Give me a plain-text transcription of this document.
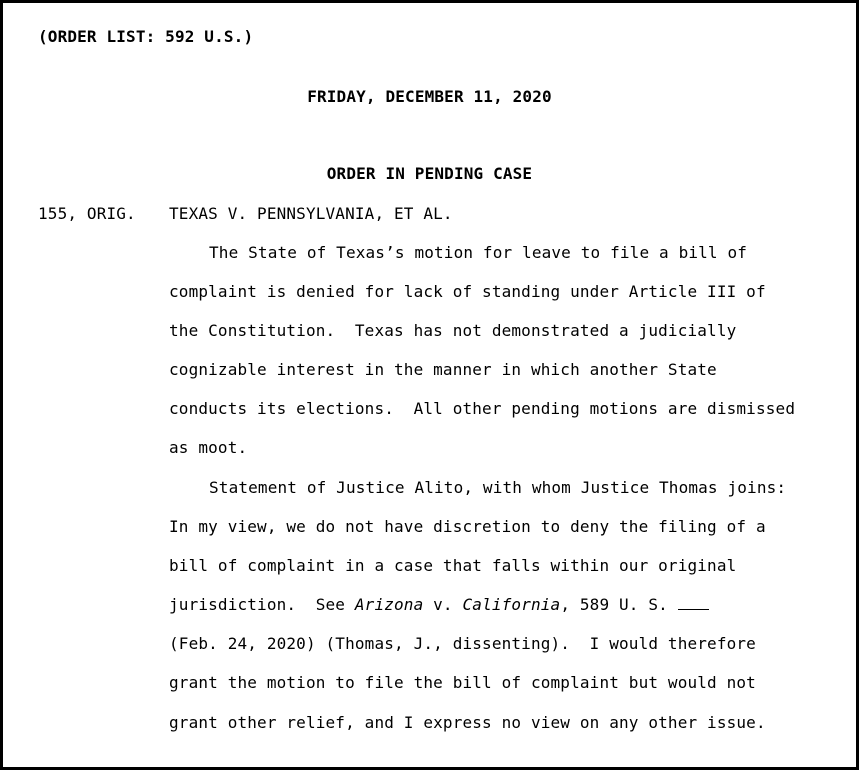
(ORDER LIST: 592 U.S.)
FRIDAY, DECEMBER 11, 2020
ORDER IN PENDING CASE
155, ORIG. TEXAS V. PENNSYLVANIA, ET AL.
The State of Texas’s motion for leave to file a bill of
complaint is denied for lack of standing under Article III of
the Constitution.  Texas has not demonstrated a judicially
cognizable interest in the manner in which another State
conducts its elections.  All other pending motions are dismissed
as moot.
Statement of Justice Alito, with whom Justice Thomas joins:
In my view, we do not have discretion to deny the filing of a
bill of complaint in a case that falls within our original
jurisdiction.  See Arizona v. California, 589 U. S.
(Feb. 24, 2020) (Thomas, J., dissenting).  I would therefore
grant the motion to file the bill of complaint but would not
grant other relief, and I express no view on any other issue.
